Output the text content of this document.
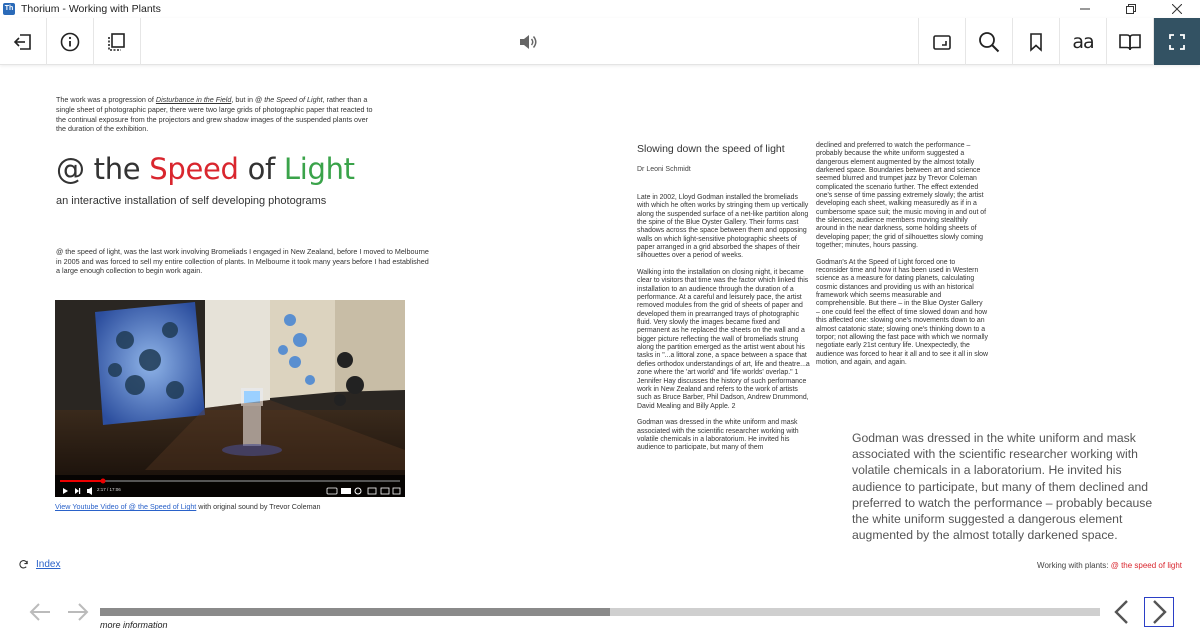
Th Thorium - Working with Plants
aa
The work was a progression of Disturbance in the Field, but in @ the Speed of Light, rather than a single sheet of photographic paper, there were two large grids of photographic paper that reacted to the continual exposure from the projectors and grew shadow images of the suspended plants over the duration of the exhibition.
@ the Speed of Light
an interactive installation of self developing photograms
@ the speed of light, was the last work involving Bromeliads I engaged in New Zealand, before I moved to Melbourne in 2005 and was forced to sell my entire collection of plants. In Melbourne it took many years before I had established a large enough collection to begin work again.
2:17 / 17:06
View Youtube Video of @ the Speed of Light with original sound by Trevor Coleman
Slowing down the speed of light
Dr Leoni Schmidt

Late in 2002, Lloyd Godman installed the bromeliads with which he often works by stringing them up vertically along the suspended surface of a net-like partition along the spine of the Blue Oyster Gallery. Their forms cast shadows across the space between them and opposing walls on which light-sensitive photographic sheets of paper arranged in a grid absorbed the shapes of their silhouettes over a period of weeks.

Walking into the installation on closing night, it became clear to visitors that time was the factor which linked this installation to an audience through the duration of a performance. At a careful and leisurely pace, the artist removed modules from the grid of sheets of paper and developed them in prearranged trays of photographic fluid. Very slowly the images became fixed and permanent as he replaced the sheets on the wall and a bigger picture reflecting the wall of bromeliads strung along the partition emerged as the artist went about his tasks in "...a littoral zone, a space between a space that defies orthodox understandings of art, life and theatre...a zone where the 'art world' and 'life worlds' overlap." 1 Jennifer Hay discusses the history of such performance work in New Zealand and refers to the work of artists such as Bruce Barber, Phil Dadson, Andrew Drummond, David Mealing and Billy Apple. 2

Godman was dressed in the white uniform and mask associated with the scientific researcher working with volatile chemicals in a laboratorium. He invited his audience to participate, but many of them

declined and preferred to watch the performance – probably because the white uniform suggested a dangerous element augmented by the almost totally darkened space. Boundaries between art and science seemed blurred and trumpet jazz by Trevor Coleman complicated the scenario further. The effect extended one's sense of time passing extremely slowly; the artist developing each sheet, walking measuredly as if in a cumbersome space suit; the music moving in and out of the silences; audience members moving stealthily around in the near darkness, some holding sheets of developing paper; the grid of silhouettes slowly coming together; minutes, hours passing.

Godman's At the Speed of Light forced one to reconsider time and how it has been used in Western science as a measure for dating planets, calculating cosmic distances and providing us with an historical framework which seems measurable and comprehensible. But there – in the Blue Oyster Gallery – one could feel the effect of time slowed down and how this affected one: slowing one's movements down to an almost catatonic state; slowing one's thinking down to a torpor; not allowing the fast pace with which we normally negotiate early 21st century life. Unexpectedly, the audience was forced to hear it all and to see it all in slow motion, and again, and again.

Godman was dressed in the white uniform and mask associated with the scientific researcher working with volatile chemicals in a laboratorium. He invited his audience to participate, but many of them declined and preferred to watch the performance – probably because the white uniform suggested a dangerous element augmented by the almost totally darkened space.
Index	Working with plants: @ the speed of light
more information
